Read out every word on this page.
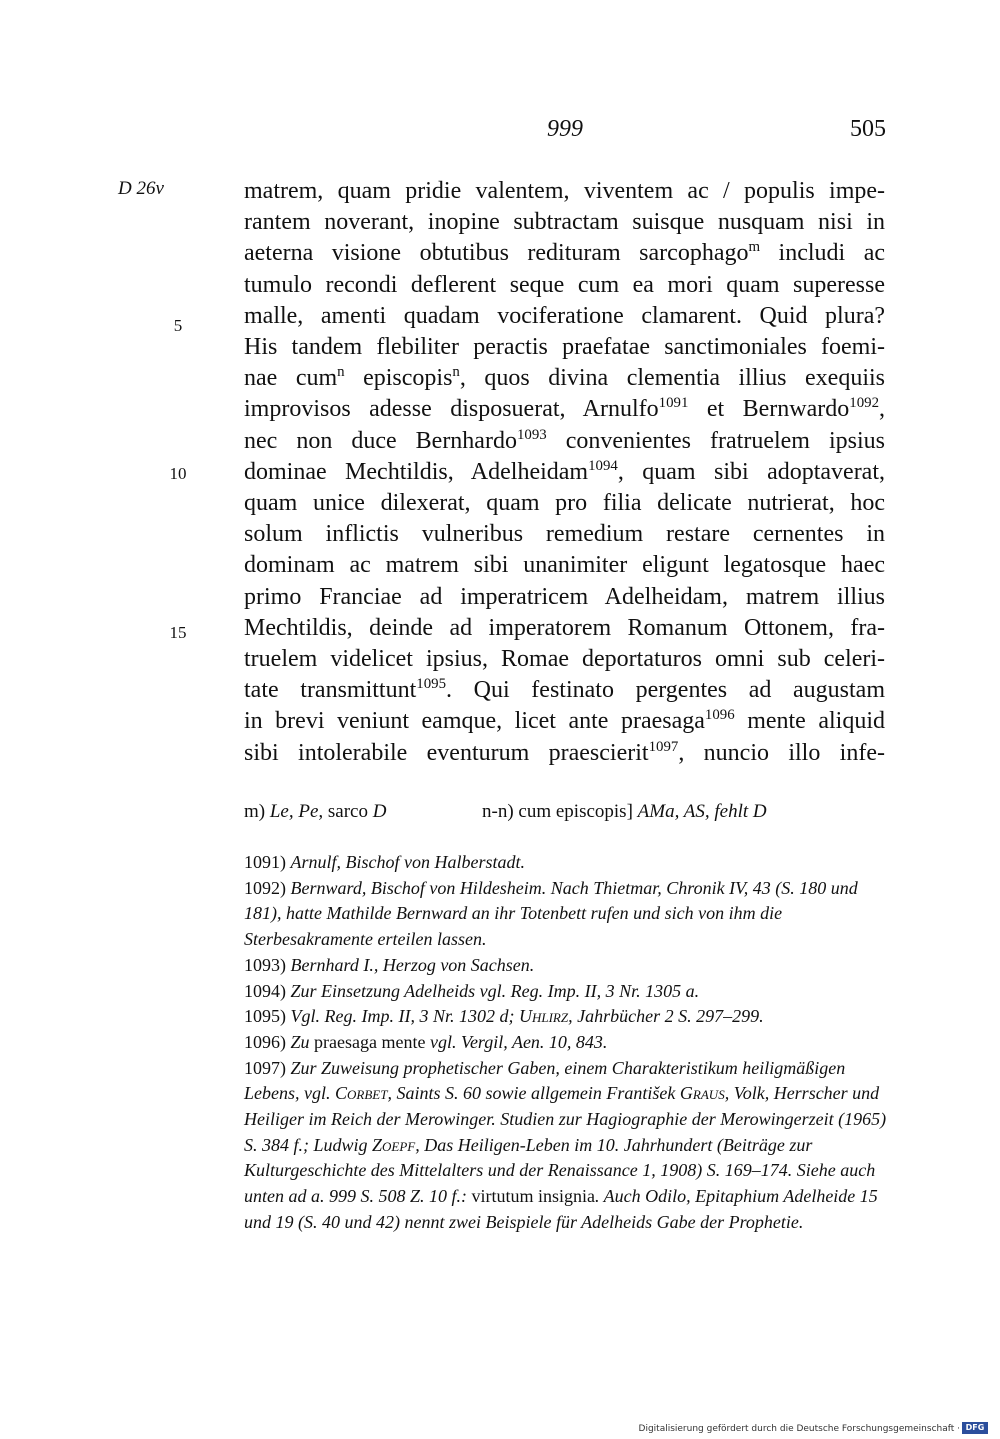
999	505
D 26v
5
10
15
matrem, quam pridie valentem, viventem ac / populis impe-
rantem noverant, inopine subtractam suisque nusquam nisi in
aeterna visione obtutibus redituram sarcophago$^m$ includi ac
tumulo recondi deflerent seque cum ea mori quam superesse
malle, amenti quadam vociferatione clamarent. Quid plura?
His tandem flebiliter peractis praefatae sanctimoniales foemi-
nae cum$^n$ episcopis$^n$, quos divina clementia illius exequiis
improvisos adesse disposuerat, Arnulfo$^{1091}$ et Bernwardo$^{1092}$,
nec non duce Bernhardo$^{1093}$ convenientes fratruelem ipsius
dominae Mechtildis, Adelheidam$^{1094}$, quam sibi adoptaverat,
quam unice dilexerat, quam pro filia delicate nutrierat, hoc
solum inflictis vulneribus remedium restare cernentes in
dominam ac matrem sibi unanimiter eligunt legatosque haec
primo Franciae ad imperatricem Adelheidam, matrem illius
Mechtildis, deinde ad imperatorem Romanum Ottonem, fra-
truelem videlicet ipsius, Romae deportaturos omni sub celeri-
tate transmittunt$^{1095}$. Qui festinato pergentes ad augustam
in brevi veniunt eamque, licet ante praesaga$^{1096}$ mente aliquid
sibi intolerabile eventurum praescierit$^{1097}$, nuncio illo infe-
m) Le, Pe, sarco D	n-n) cum episcopis] AMa, AS, fehlt D

1091) Arnulf, Bischof von Halberstadt.

1092) Bernward, Bischof von Hildesheim. Nach Thietmar, Chronik IV, 43 (S. 180 und 181), hatte Mathilde Bernward an ihr Totenbett rufen und sich von ihm die Sterbesakramente erteilen lassen.

1093) Bernhard I., Herzog von Sachsen.

1094) Zur Einsetzung Adelheids vgl. Reg. Imp. II, 3 Nr. 1305 a.

1095) Vgl. Reg. Imp. II, 3 Nr. 1302 d; Uhlirz, Jahrbücher 2 S. 297–299.

1096) Zu praesaga mente vgl. Vergil, Aen. 10, 843.

1097) Zur Zuweisung prophetischer Gaben, einem Charakteristikum heiligmäßigen Lebens, vgl. Corbet, Saints S. 60 sowie allgemein František Graus, Volk, Herrscher und Heiliger im Reich der Merowinger. Studien zur Hagiographie der Merowingerzeit (1965) S. 384 f.; Ludwig Zoepf, Das Heiligen-Leben im 10. Jahrhundert (Beiträge zur Kulturgeschichte des Mittelalters und der Renaissance 1, 1908) S. 169–174. Siehe auch unten ad a. 999 S. 508 Z. 10 f.: virtutum insignia. Auch Odilo, Epitaphium Adelheide 15 und 19 (S. 40 und 42) nennt zwei Beispiele für Adelheids Gabe der Prophetie.

Digitalisierung gefördert durch die Deutsche Forschungsgemeinschaft · DFG
